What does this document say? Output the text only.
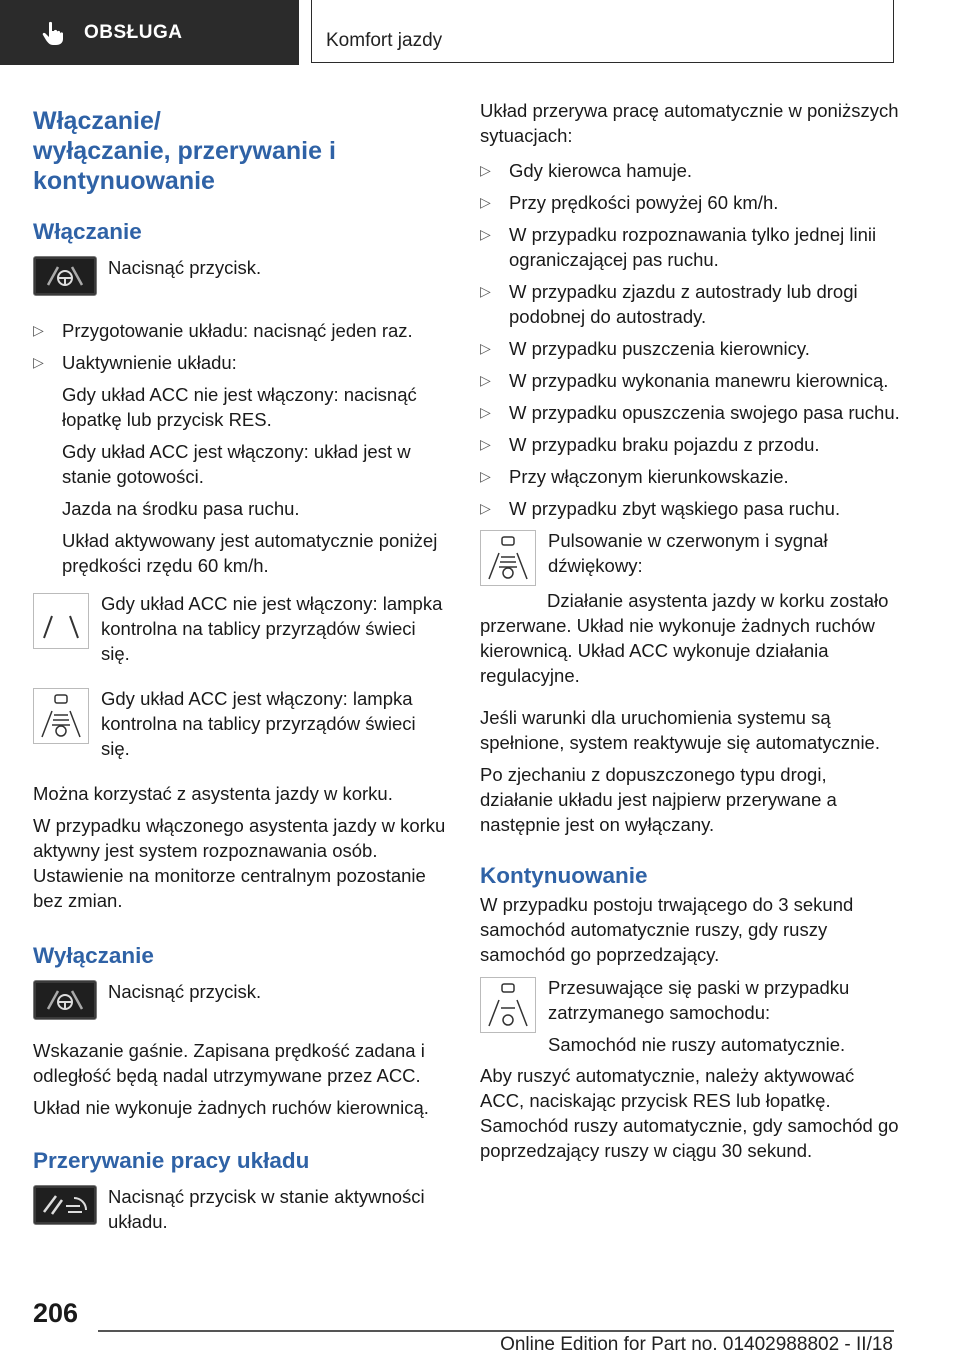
OBSŁUGA	Komfort jazdy
Włączanie/
wyłączanie, przerywanie i
kontynuowanie
Włączanie
Nacisnąć przycisk.
▷ Przygotowanie układu: nacisnąć jeden raz.
▷ Uaktywnienie układu:

Gdy układ ACC nie jest włączony: nacisnąć łopatkę lub przycisk RES.

Gdy układ ACC jest włączony: układ jest w stanie gotowości.

Jazda na środku pasa ruchu.

Układ aktywowany jest automatycznie poniżej prędkości rzędu 60 km/h.

Gdy układ ACC nie jest włączony: lampka kontrolna na tablicy przyrządów świeci się.
Gdy układ ACC jest włączony: lampka kontrolna na tablicy przyrządów świeci się.

Można korzystać z asystenta jazdy w korku.

W przypadku włączonego asystenta jazdy w korku aktywny jest system rozpoznawania osób. Ustawienie na monitorze centralnym pozostanie bez zmian.

Wyłączanie
Nacisnąć przycisk.

Wskazanie gaśnie. Zapisana prędkość zadana i odległość będą nadal utrzymywane przez ACC.

Układ nie wykonuje żadnych ruchów kierownicą.

Przerywanie pracy układu
Nacisnąć przycisk w stanie aktywności układu.

Układ przerywa pracę automatycznie w poniższych sytuacjach:

▷ Gdy kierowca hamuje.
▷ Przy prędkości powyżej 60 km/h.
▷ W przypadku rozpoznawania tylko jednej linii ograniczającej pas ruchu.
▷ W przypadku zjazdu z autostrady lub drogi podobnej do autostrady.
▷ W przypadku puszczenia kierownicy.
▷ W przypadku wykonania manewru kierownicą.
▷ W przypadku opuszczenia swojego pasa ruchu.
▷ W przypadku braku pojazdu z przodu.
▷ Przy włączonym kierunkowskazie.
▷ W przypadku zbyt wąskiego pasa ruchu.
Pulsowanie w czerwonym i sygnał dźwiękowy:

Działanie asystenta jazdy w korku zostało przerwane. Układ nie wykonuje żadnych ruchów kierownicą. Układ ACC wykonuje działania regulacyjne.

Jeśli warunki dla uruchomienia systemu są spełnione, system reaktywuje się automatycznie.

Po zjechaniu z dopuszczonego typu drogi, działanie układu jest najpierw przerywane a następnie jest on wyłączany.

Kontynuowanie

W przypadku postoju trwającego do 3 sekund samochód automatycznie ruszy, gdy ruszy samochód go poprzedzający.

Przesuwające się paski w przypadku zatrzymanego samochodu:
Samochód nie ruszy automatycznie.

Aby ruszyć automatycznie, należy aktywować ACC, naciskając przycisk RES lub łopatkę. Samochód ruszy automatycznie, gdy samochód go poprzedzający ruszy w ciągu 30 sekund.

206
Online Edition for Part no. 01402988802 - II/18
